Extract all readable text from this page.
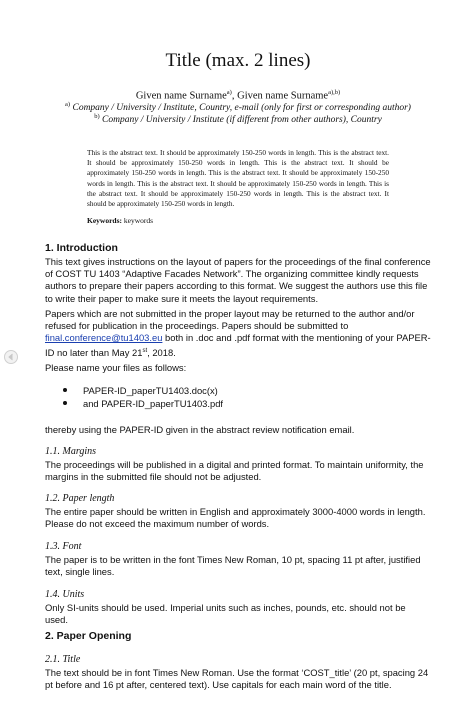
Title (max. 2 lines)
Given name Surname$^{a)}$, Given name Surname$^{a),b)}$
$^{a)}$ Company / University / Institute, Country, e-mail (only for first or corresponding author)
$^{b)}$ Company / University / Institute (if different from other authors), Country
This is the abstract text. It should be approximately 150-250 words in length. This is the abstract text. It should be approximately 150-250 words in length. This is the abstract text. It should be approximately 150-250 words in length. This is the abstract text. It should be approximately 150-250 words in length. This is the abstract text. It should be approximately 150-250 words in length. This is the abstract text. It should be approximately 150-250 words in length. This is the abstract text. It should be approximately 150-250 words in length.
Keywords: keywords
1. Introduction
This text gives instructions on the layout of papers for the proceedings of the final conference of COST TU 1403 “Adaptive Facades Network”. The organizing committee kindly requests authors to prepare their papers according to this format. We suggest the authors use this file to write their paper to make sure it meets the layout requirements.
Papers which are not submitted in the proper layout may be returned to the author and/or refused for publication in the proceedings. Papers should be submitted to final.conference@tu1403.eu both in .doc and .pdf format with the mentioning of your PAPER-ID no later than May 21st, 2018.
Please name your files as follows:
PAPER-ID_paperTU1403.doc(x)
and PAPER-ID_paperTU1403.pdf
thereby using the PAPER-ID given in the abstract review notification email.
1.1. Margins
The proceedings will be published in a digital and printed format. To maintain uniformity, the margins in the submitted file should not be adjusted.
1.2. Paper length
The entire paper should be written in English and approximately 3000-4000 words in length. Please do not exceed the maximum number of words.
1.3. Font
The paper is to be written in the font Times New Roman, 10 pt, spacing 11 pt after, justified text, single lines.
1.4. Units
Only SI-units should be used. Imperial units such as inches, pounds, etc. should not be used.
2. Paper Opening
2.1. Title
The text should be in font Times New Roman. Use the format ‘COST_title’ (20 pt, spacing 24 pt before and 16 pt after, centered text). Use capitals for each main word of the title.
